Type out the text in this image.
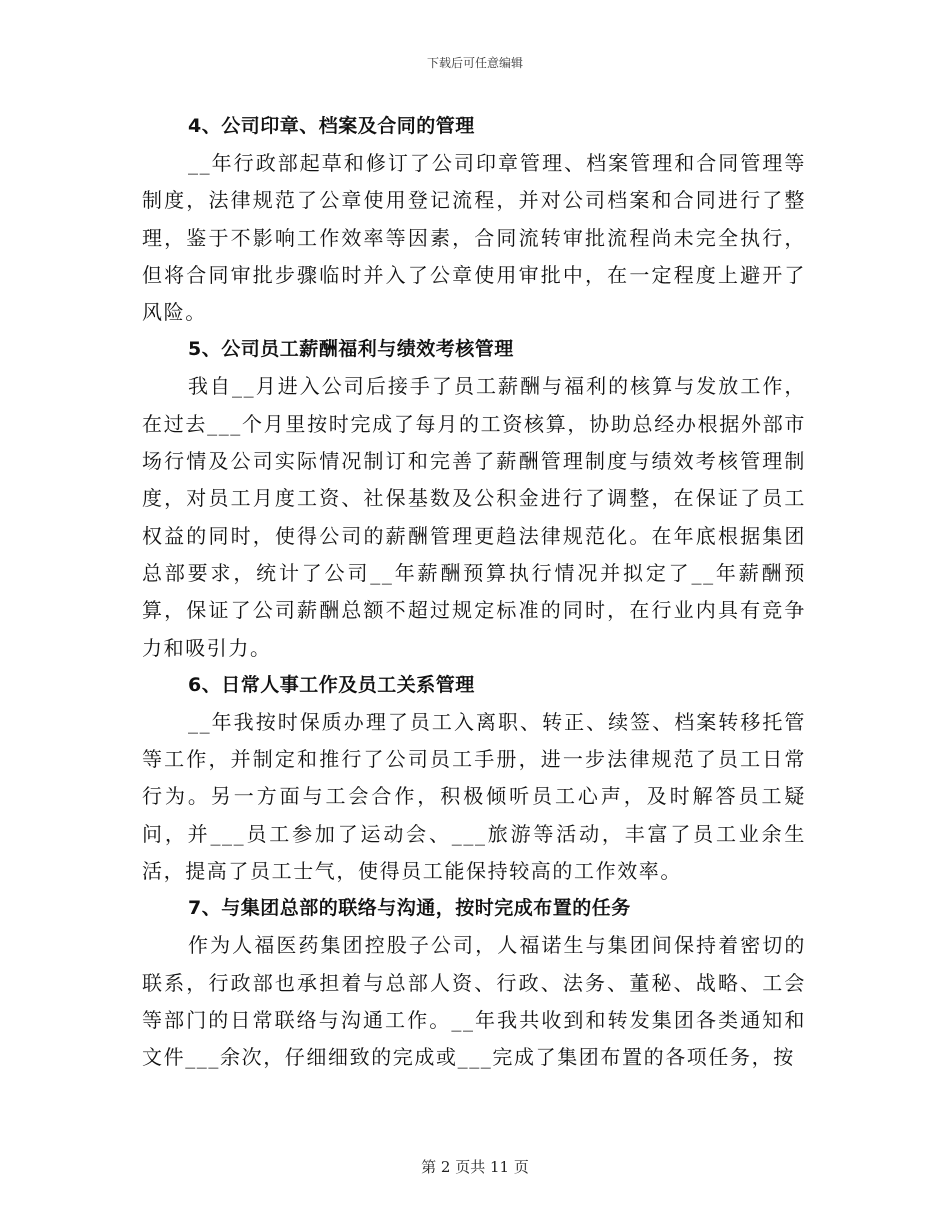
下载后可任意编辑
4、公司印章、档案及合同的管理

__年行政部起草和修订了公司印章管理、档案管理和合同管理等制度，法律规范了公章使用登记流程，并对公司档案和合同进行了整理，鉴于不影响工作效率等因素，合同流转审批流程尚未完全执行，但将合同审批步骤临时并入了公章使用审批中，在一定程度上避开了风险。

5、公司员工薪酬福利与绩效考核管理

我自__月进入公司后接手了员工薪酬与福利的核算与发放工作，在过去___个月里按时完成了每月的工资核算，协助总经办根据外部市场行情及公司实际情况制订和完善了薪酬管理制度与绩效考核管理制度，对员工月度工资、社保基数及公积金进行了调整，在保证了员工权益的同时，使得公司的薪酬管理更趋法律规范化。在年底根据集团总部要求，统计了公司__年薪酬预算执行情况并拟定了__年薪酬预算，保证了公司薪酬总额不超过规定标准的同时，在行业内具有竞争力和吸引力。

6、日常人事工作及员工关系管理

__年我按时保质办理了员工入离职、转正、续签、档案转移托管等工作，并制定和推行了公司员工手册，进一步法律规范了员工日常行为。另一方面与工会合作，积极倾听员工心声，及时解答员工疑问，并___员工参加了运动会、___旅游等活动，丰富了员工业余生活，提高了员工士气，使得员工能保持较高的工作效率。

7、与集团总部的联络与沟通，按时完成布置的任务

作为人福医药集团控股子公司，人福诺生与集团间保持着密切的联系，行政部也承担着与总部人资、行政、法务、董秘、战略、工会等部门的日常联络与沟通工作。__年我共收到和转发集团各类通知和文件___余次，仔细细致的完成或___完成了集团布置的各项任务，按

第 2 页共 11 页
